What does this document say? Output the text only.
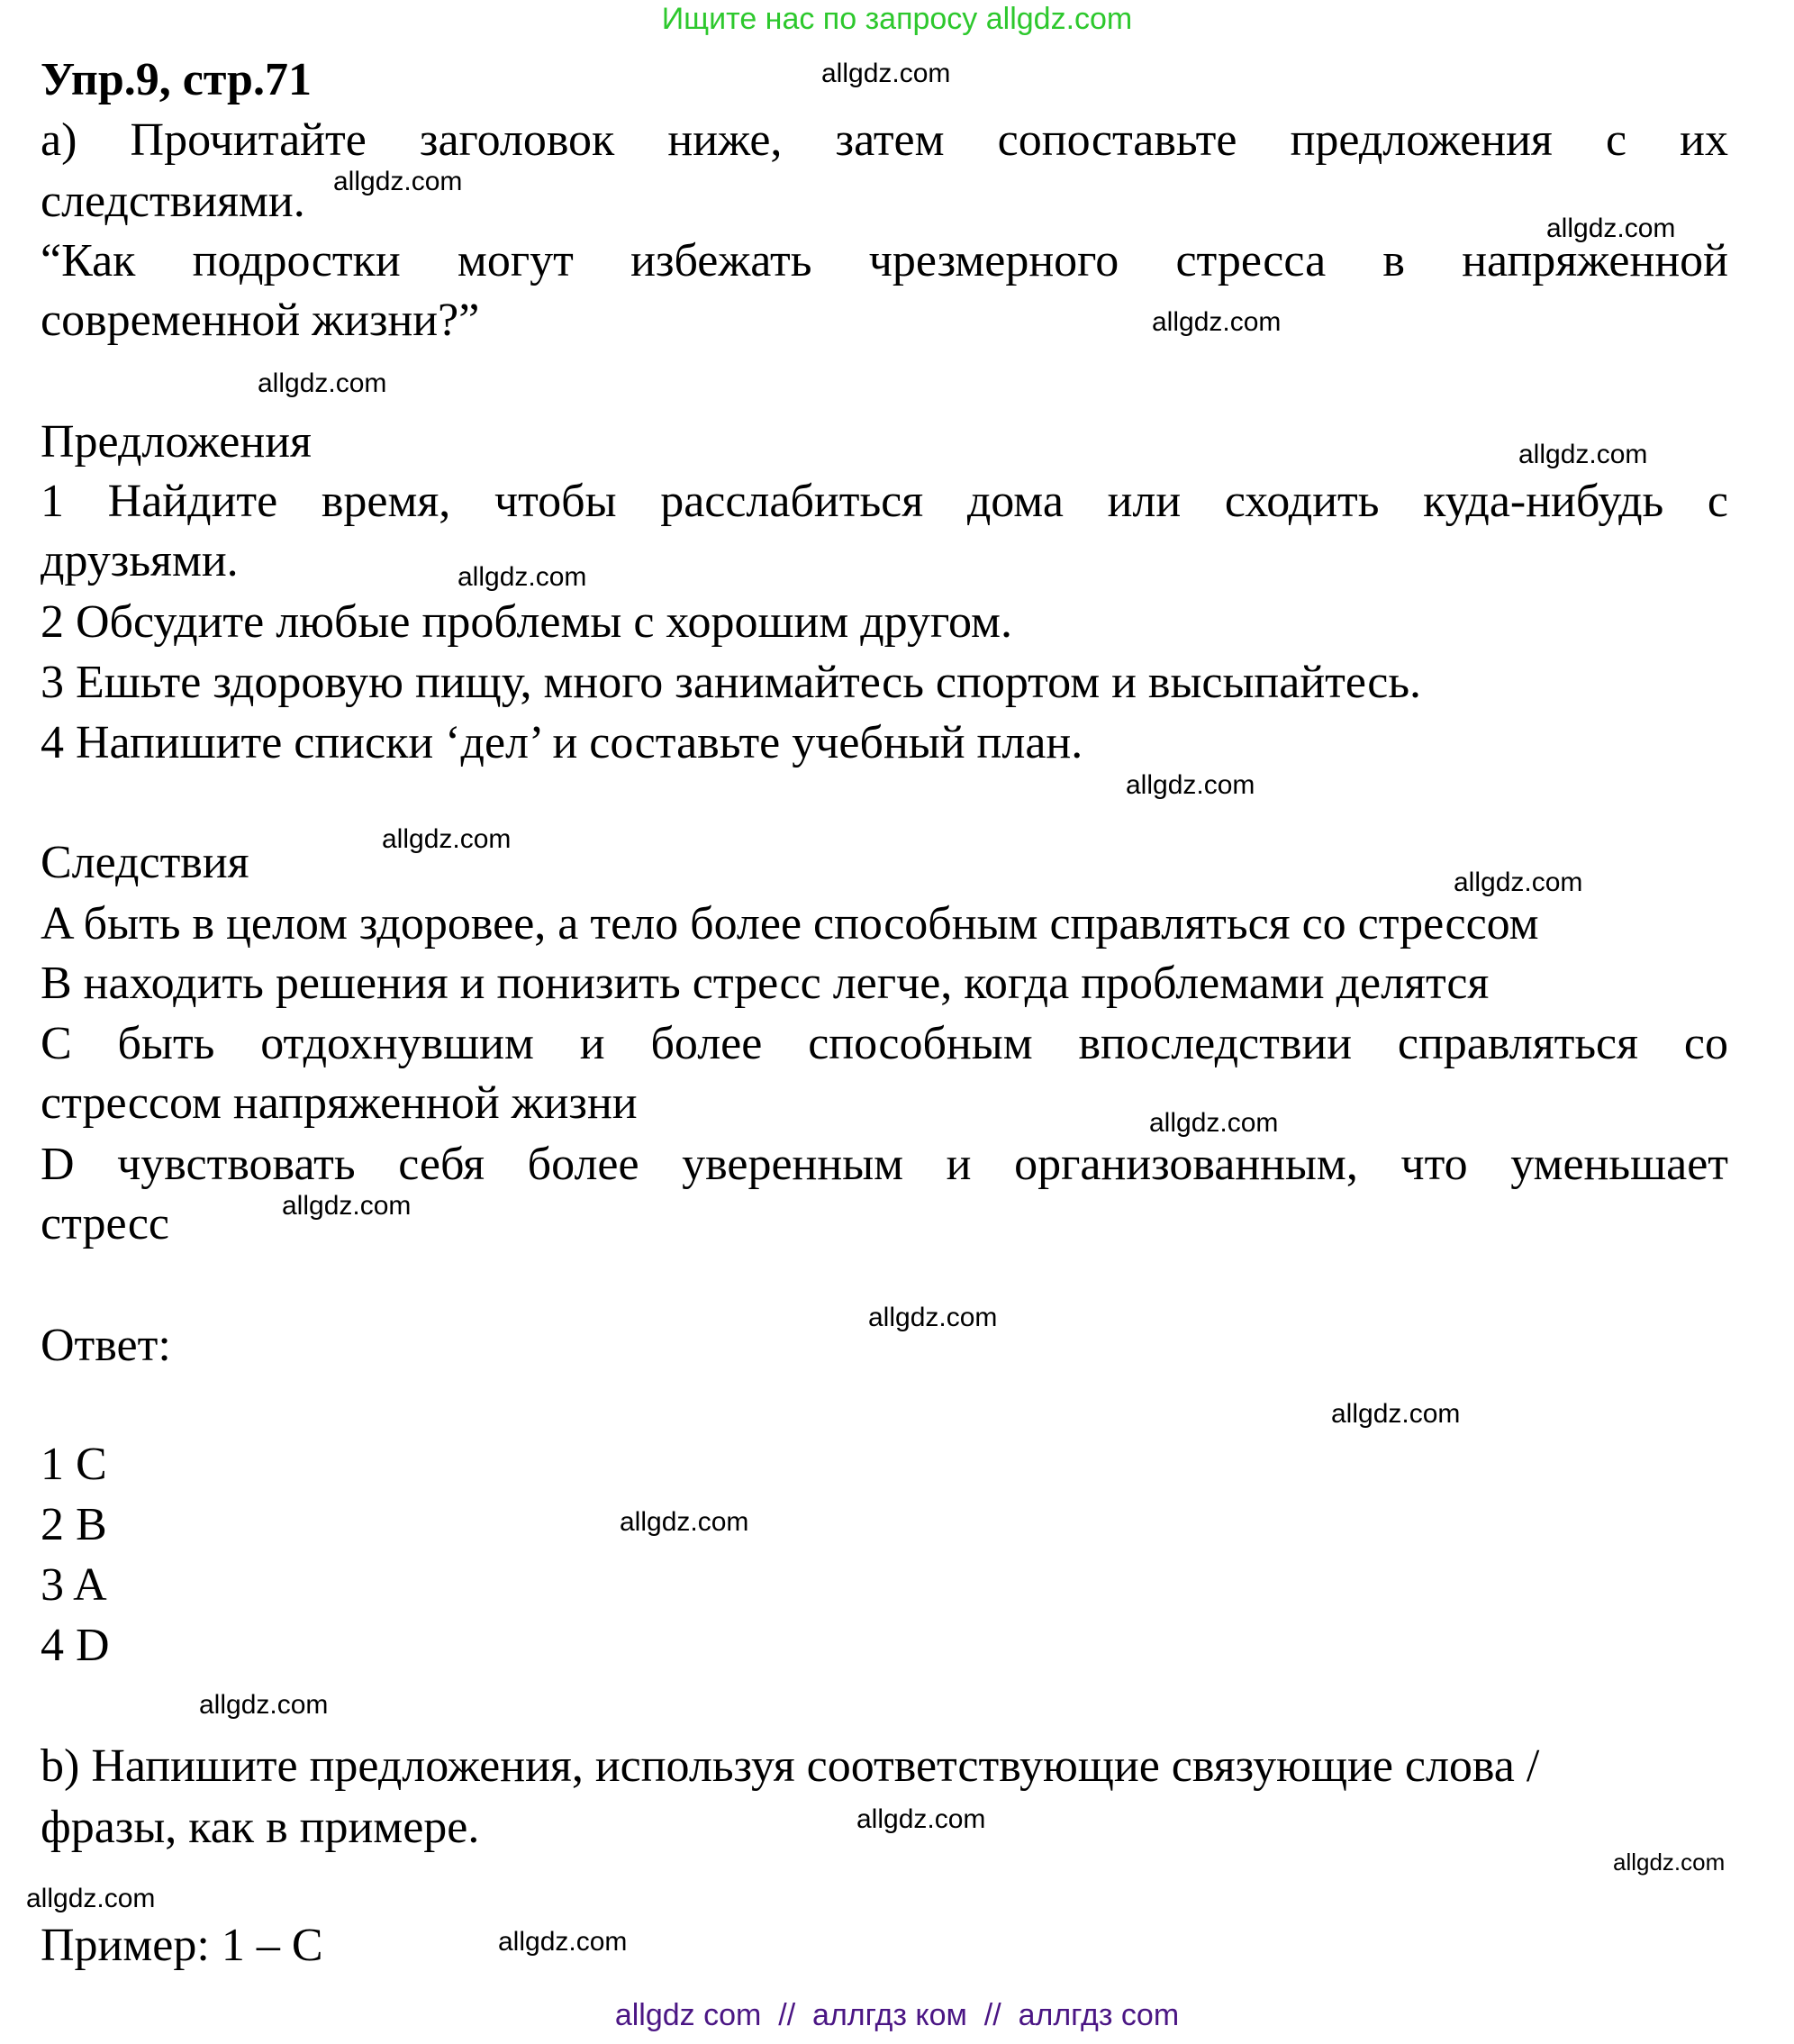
Ищите нас по запросу allgdz.com
Упр.9, стр.71
а) Прочитайте заголовок ниже, затем сопоставьте предложения с их
следствиями.
“Как подростки могут избежать чрезмерного стресса в напряженной
современной жизни?”
Предложения
1 Найдите время, чтобы расслабиться дома или сходить куда-нибудь с
друзьями.
2 Обсудите любые проблемы с хорошим другом.
3 Ешьте здоровую пищу, много занимайтесь спортом и высыпайтесь.
4 Напишите списки ‘дел’ и составьте учебный план.
Следствия
A быть в целом здоровее, а тело более способным справляться со стрессом
B находить решения и понизить стресс легче, когда проблемами делятся
C быть отдохнувшим и более способным впоследствии справляться со
стрессом напряженной жизни
D чувствовать себя более уверенным и организованным, что уменьшает
стресс
Ответ:
1 C
2 B
3 A
4 D
b) Напишите предложения, используя соответствующие связующие слова /
фразы, как в примере.
Пример: 1 – C
allgdz.com
allgdz.com
allgdz.com
allgdz.com
allgdz.com
allgdz.com
allgdz.com
allgdz.com
allgdz.com
allgdz.com
allgdz.com
allgdz.com
allgdz.com
allgdz.com
allgdz.com
allgdz.com
allgdz.com
allgdz.com
allgdz.com
allgdz.com
allgdz com  //  аллгдз ком  //  аллгдз com
